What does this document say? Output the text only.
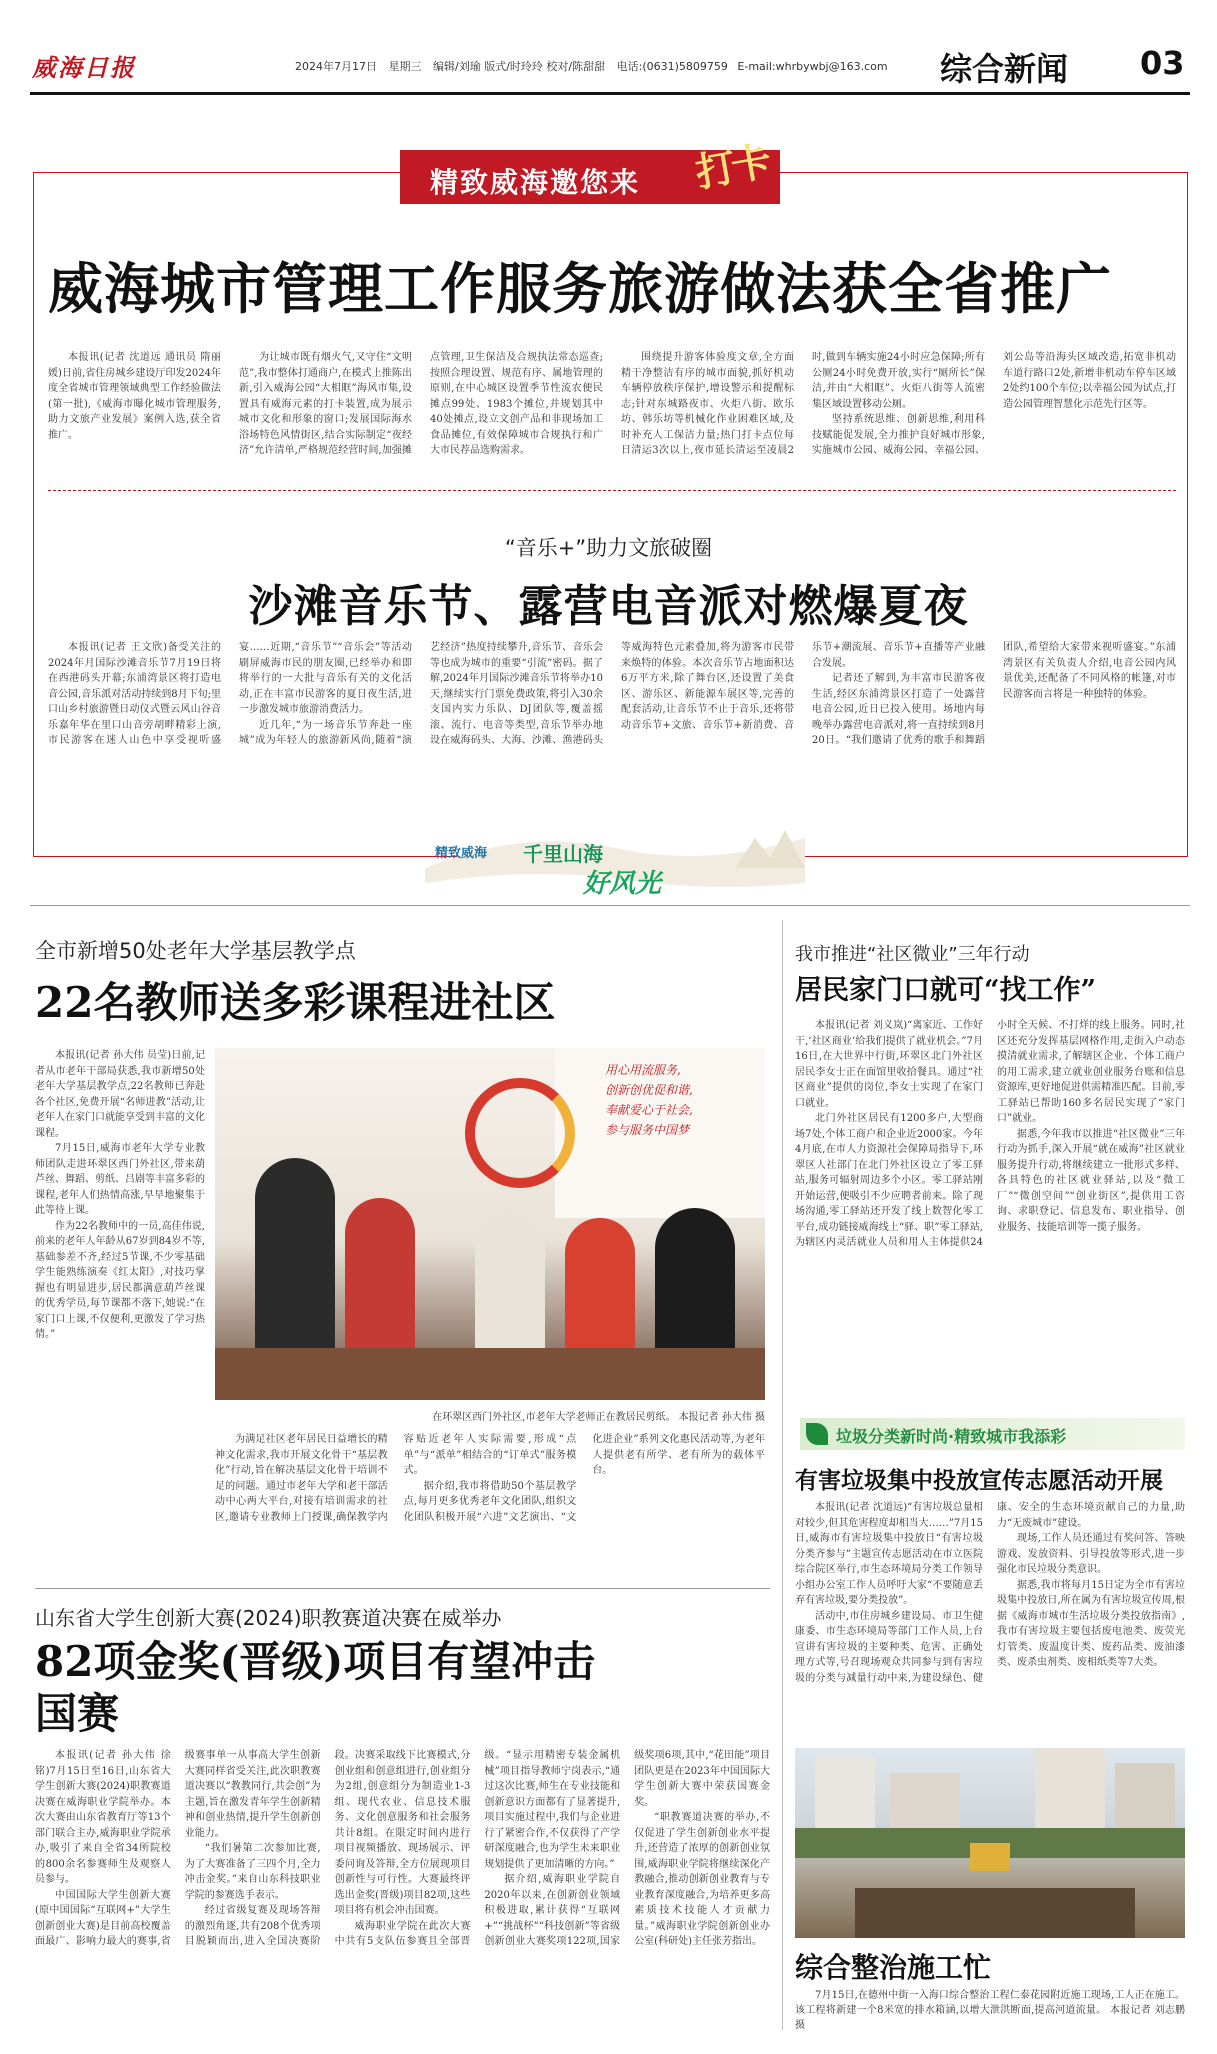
威海日报	2024年7月17日 星期三 编辑/刘瑜 版式/时玲玲 校对/陈甜甜 电话:(0631)5809759 E-mail:whrbywbj@163.com 综合新闻 03
精致威海邀您来 打卡
威海城市管理工作服务旅游做法获全省推广

本报讯(记者 沈道远 通讯员 隋丽媛)日前,省住房城乡建设厅印发2024年度全省城市管理领域典型工作经验做法(第一批),《威海市曝化城市管理服务,助力文旅产业发展》案例入选,获全省推广。

为让城市既有烟火气,又守住“文明范”,我市整体打通商户,在模式上推陈出新,引入威海公园“大相眶”海风市集,设置具有威海元素的打卡装置,成为展示城市文化和形象的窗口;发展国际海水浴场特色风情街区,结合实际制定“夜经济”允许清单,严格规范经营时间,加强摊点管理,卫生保洁及合规执法常态巡查;按照合理设置、规范有序、属地管理的原则,在中心城区设置季节性流农便民摊点99处、1983个摊位,并规划其中40处摊点,设立文创产品和非现场加工食品摊位,有效保障城市合规执行和广大市民荐品选购需求。

围绕提升游客体验度文章,全方面精干净整洁有序的城市面貌,抓好机动车辆停放秩序保护,增设警示和提醒标志;针对东城路夜市、火炬八街、欧乐坊、韩乐坊等机械化作业困难区域,及时补充人工保洁力量;热门打卡点位每日清运3次以上,夜市延长清运至凌晨2时,做到车辆实施24小时应急保障;所有公厕24小时免费开放,实行“厕所长”保洁,并由“大相眶”、火炬八街等人流密集区域设置移动公厕。

坚持系统思维、创新思维,利用科技赋能促发展,全力推护良好城市形象,实施城市公园、威海公园、幸福公园、刘公岛等沿海头区域改造,拓宽非机动车道行路口2处,新增非机动车停车区域2处约100个车位;以幸福公园为试点,打造公园管理智慧化示范先行区等。

“音乐+”助力文旅破圈
沙滩音乐节、露营电音派对燃爆夏夜

本报讯(记者 王文欣)备受关注的2024年月国际沙滩音乐节7月19日将在西港码头开幕;东浦湾景区将打造电音公园,音乐派对活动持续到8月下旬;里口山乡村旅游暨日动仪式暨云风山谷音乐嘉年华在里口山音旁胡畔精彩上演,市民游客在迷人山色中享受视听盛宴……近期,“音乐节”“音乐会”等活动刷屏威海市民的朋友圈,已经举办和即将举行的一大批与音乐有关的文化活动,正在丰富市民游客的夏日夜生活,进一步激发城市旅游消费活力。

近几年,“为一场音乐节奔赴一座城”成为年轻人的旅游新风尚,随着“演艺经济”热度持续攀升,音乐节、音乐会等也成为城市的重要“引流”密码。据了解,2024年月国际沙滩音乐节将举办10天,继续实行门票免费政策,将引入30余支国内实力乐队、DJ团队等,覆盖摇滚、流行、电音等类型,音乐节举办地设在威海码头、大海、沙滩、渔港码头等威海特色元素叠加,将为游客市民带来焕特的体验。本次音乐节占地面积达6万平方米,除了舞台区,还设置了美食区、游乐区、新能源车展区等,完善的配套活动,让音乐节不止于音乐,还将带动音乐节+文旅、音乐节+新消费、音乐节+潮流展、音乐节+直播等产业融合发展。

记者还了解到,为丰富市民游客夜生活,经区东浦湾景区打造了一处露营电音公园,近日已投入使用。场地内每晚举办露营电音派对,将一直持续到8月20日。“我们邀请了优秀的歌手和舞蹈团队,希望给大家带来视听盛宴。”东浦湾景区有关负责人介绍,电音公园内风景优美,还配备了不同风格的帐篷,对市民游客而言将是一种独特的体验。

精致威海 千里山海
好风光
全市新增50处老年大学基层教学点
22名教师送多彩课程进社区

本报讯(记者 孙大伟 员莹)日前,记者从市老年干部局获悉,我市新增50处老年大学基层教学点,22名教师已奔赴各个社区,免费开展“名师进教”活动,让老年人在家门口就能享受到丰富的文化课程。

7月15日,威海市老年大学专业教师团队走进环翠区西门外社区,带来葫芦丝、舞蹈、剪纸、吕剧等丰富多彩的课程,老年人们热情高涨,早早地聚集于此等待上课。

作为22名教师中的一员,高佳伟说,前来的老年人年龄从67岁到84岁不等,基础参差不齐,经过5节课,不少零基础学生能熟练演奏《红太阳》,对技巧掌握也有明显进步,居民都满意葫芦丝课的优秀学员,每节课都不落下,她说:“在家门口上课,不仅便利,更激发了学习热情。”

用心用流服务,
创新创优促和谐,
奉献爱心于社会,
参与服务中国梦
在环翠区西门外社区,市老年大学老师正在教居民剪纸。 本报记者 孙大伟 摄

为满足社区老年居民日益增长的精神文化需求,我市开展文化骨干“基层教化”行动,旨在解决基层文化骨干培训不足的问题。通过市老年大学和老干部活动中心两大平台,对接有培训需求的社区,邀请专业教师上门授课,确保教学内容贴近老年人实际需要,形成“点单”与“派单”相结合的“订单式”服务模式。

据介绍,我市将借助50个基层教学点,每月更多优秀老年文化团队,组织文化团队积极开展“六进”文艺演出、“文化进企业”系列文化惠民活动等,为老年人提供老有所学、老有所为的载体平台。

山东省大学生创新大赛(2024)职教赛道决赛在威举办
82项金奖(晋级)项目有望冲击国赛

本报讯(记者 孙大伟 徐铭)7月15日至16日,山东省大学生创新大赛(2024)职教赛道决赛在威海职业学院举办。本次大赛由山东省教育厅等13个部门联合主办,威海职业学院承办,吸引了来自全省34所院校的800余名参赛师生及观察人员参与。

中国国际大学生创新大赛(原中国国际“互联网+”大学生创新创业大赛)是目前高校覆盖面最广、影响力最大的赛事,省级赛事单一从事高大学生创新大赛同样省受关注,此次职教赛道决赛以“教教同行,共会创”为主题,旨在激发青年学生创新精神和创业热情,提升学生创新创业能力。

“我们暑第二次参加比赛,为了大赛准备了三四个月,全力冲击金奖。”来自山东科技职业学院的参赛选手表示。

经过省级复赛及现场答辩的激烈角逐,共有208个优秀项目脱颖而出,进入全国决赛阶段。决赛采取线下比赛模式,分创业组和创意组进行,创业组分为2组,创意组分为制造业1-3组、现代农业、信息技术服务、文化创意服务和社会服务共计8组。在限定时间内进行项目视频播放、现场展示、评委问询及答辩,全方位展现项目创新性与可行性。大赛最终评选出金奖(晋级)项目82项,这些项目将有机会冲击国赛。

威海职业学院在此次大赛中共有5支队伍参赛且全部晋级。“显示用精密专装金属机械”项目指导教师宁岗表示,“通过这次比赛,师生在专业技能和创新意识方面都有了显著提升,项目实施过程中,我们与企业进行了紧密合作,不仅获得了产学研深度融合,也为学生未来职业规划提供了更加清晰的方向。”

据介绍,威海职业学院自2020年以来,在创新创业领域积极进取,累计获得“互联网+”“挑战杯”“科技创新”等省级创新创业大赛奖项122项,国家级奖项6项,其中,“花田能”项目团队更是在2023年中国国际大学生创新大赛中荣获国赛金奖。

“职教赛道决赛的举办,不仅促进了学生创新创业水平提升,还营造了浓厚的创新创业氛围,威海职业学院将继续深化产教融合,推动创新创业教育与专业教育深度融合,为培养更多高素质技术技能人才贡献力量。”威海职业学院创新创业办公室(科研处)主任张芳指出。

我市推进“社区微业”三年行动
居民家门口就可“找工作”

本报讯(记者 刘义岚)“离家近、工作好干,‘社区商业’给我们提供了就业机会。”7月16日,在大世界中行街,环翠区北门外社区居民李女士正在面馆里收拾餐具。通过“社区商业”提供的岗位,李女士实现了在家门口就业。

北门外社区居民有1200多户,大型商场7处,个体工商户和企业近2000家。今年4月底,在市人力资源社会保障局指导下,环翠区人社部门在北门外社区设立了零工驿站,服务可辐射周边多个小区。零工驿站刚开始运营,便吸引不少应聘者前来。除了现场沟通,零工驿站还开发了线上数智化零工平台,成功链接威海线上“驿、职”零工驿站,为辖区内灵活就业人员和用人主体提供24小时全天候、不打烊的线上服务。同时,社区还充分发挥基层网格作用,走街入户动态摸清就业需求,了解辖区企业、个体工商户的用工需求,建立就业创业服务台账和信息资源库,更好地促进供需精准匹配。目前,零工驿站已帮助160多名居民实现了“家门口”就业。

据悉,今年我市以推进“社区微业”三年行动为抓手,深入开展“就在威海”社区就业服务提升行动,将继续建立一批形式多样、各具特色的社区就业驿站,以及“微工厂”“微创空间”“创业街区”,提供用工咨询、求职登记、信息发布、职业指导、创业服务、技能培训等一揽子服务。

垃圾分类新时尚·精致城市我添彩
有害垃圾集中投放宣传志愿活动开展

本报讯(记者 沈道远)“有害垃圾总量相对较少,但其危害程度却相当大……”7月15日,威海市有害垃圾集中投放日“有害垃圾 分类齐参与”主题宣传志愿活动在市立医院综合院区举行,市生态环境局分类工作领导小组办公室工作人员呼吁大家“不要随意丢弃有害垃圾,要分类投放”。

活动中,市住房城乡建设局、市卫生健康委、市生态环境局等部门工作人员,上台宣讲有害垃圾的主要种类、危害、正确处理方式等,号召现场观众共同参与到有害垃圾的分类与减量行动中来,为建设绿色、健康、安全的生态环境贡献自己的力量,助力“无废城市”建设。

现场,工作人员还通过有奖问答、答映游戏、发放资料、引导投放等形式,进一步强化市民垃圾分类意识。

据悉,我市将每月15日定为全市有害垃圾集中投放日,所在属为有害垃圾宣传周,根据《威海市城市生活垃圾分类投放指南》,我市有害垃圾主要包括废电池类、废荧光灯管类、废温度计类、废药品类、废油漆类、废杀虫剂类、废相纸类等7大类。

综合整治施工忙
7月15日,在德州中街一入海口综合整治工程仁泰花园附近施工现场,工人正在施工。该工程将新建一个8米宽的排水箱涵,以增大泄洪断面,提高河道流量。 本报记者 刘志鹏 摄
